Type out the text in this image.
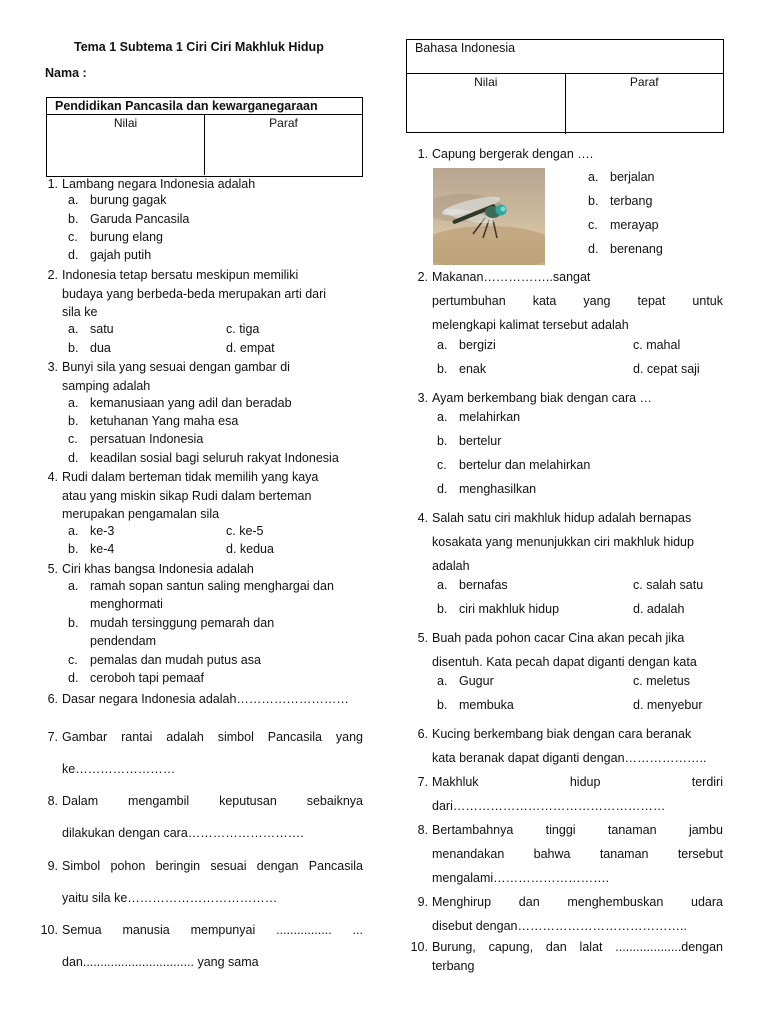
Tema 1 Subtema 1 Ciri Ciri Makhluk Hidup
Nama :
Pendidikan Pancasila dan kewarganegaraan
Nilai	Paraf
Bahasa Indonesia
Nilai	Paraf
1. Lambang negara Indonesia adalah
a. burung gagak
b. Garuda Pancasila
c. burung elang
d. gajah putih
2. Indonesia tetap bersatu meskipun memiliki
budaya yang berbeda-beda merupakan arti dari
sila ke
a. satu	c. tiga
b. dua	d. empat
3. Bunyi sila yang sesuai dengan gambar di
samping adalah
a. kemanusiaan yang adil dan beradab
b. ketuhanan Yang maha esa
c. persatuan Indonesia
d. keadilan sosial bagi seluruh rakyat Indonesia
4. Rudi dalam berteman tidak memilih yang kaya
atau yang miskin sikap Rudi dalam berteman
merupakan pengamalan sila
a. ke-3	c. ke-5
b. ke-4	d. kedua
5. Ciri khas bangsa Indonesia adalah
a. ramah sopan santun saling menghargai dan
menghormati
b. mudah tersinggung pemarah dan
pendendam
c. pemalas dan mudah putus asa
d. ceroboh tapi pemaaf
6. Dasar negara Indonesia adalah………………………
7. Gambar rantai adalah simbol Pancasila yang
ke……………………
8. Dalam mengambil keputusan sebaiknya
dilakukan dengan cara……………………….
9. Simbol pohon beringin sesuai dengan Pancasila
yaitu sila ke………………………………
10. Semua manusia mempunyai ................ ...
dan................................ yang sama
1. Capung bergerak dengan ….
a. berjalan
b. terbang
c. merayap
d. berenang
2. Makanan……………..sangat
pertumbuhan kata yang tepat untuk
melengkapi kalimat tersebut adalah
a. bergizi	c. mahal
b. enak	d. cepat saji
3. Ayam berkembang biak dengan cara …
a. melahirkan
b. bertelur
c. bertelur dan melahirkan
d. menghasilkan
4. Salah satu ciri makhluk hidup adalah bernapas
kosakata yang menunjukkan ciri makhluk hidup
adalah
a. bernafas	c. salah satu
b. ciri makhluk hidup	d. adalah
5. Buah pada pohon cacar Cina akan pecah jika
disentuh. Kata pecah dapat diganti dengan kata
a. Gugur	c. meletus
b. membuka	d. menyebur
6. Kucing berkembang biak dengan cara beranak
kata beranak dapat diganti dengan………………..
7. Makhluk hidup terdiri
dari……………………………………………
8. Bertambahnya tinggi tanaman jambu
menandakan bahwa tanaman tersebut
mengalami……………………….
9. Menghirup dan menghembuskan udara
disebut dengan…………………………………..
10. Burung, capung, dan lalat ...................dengan
terbang
